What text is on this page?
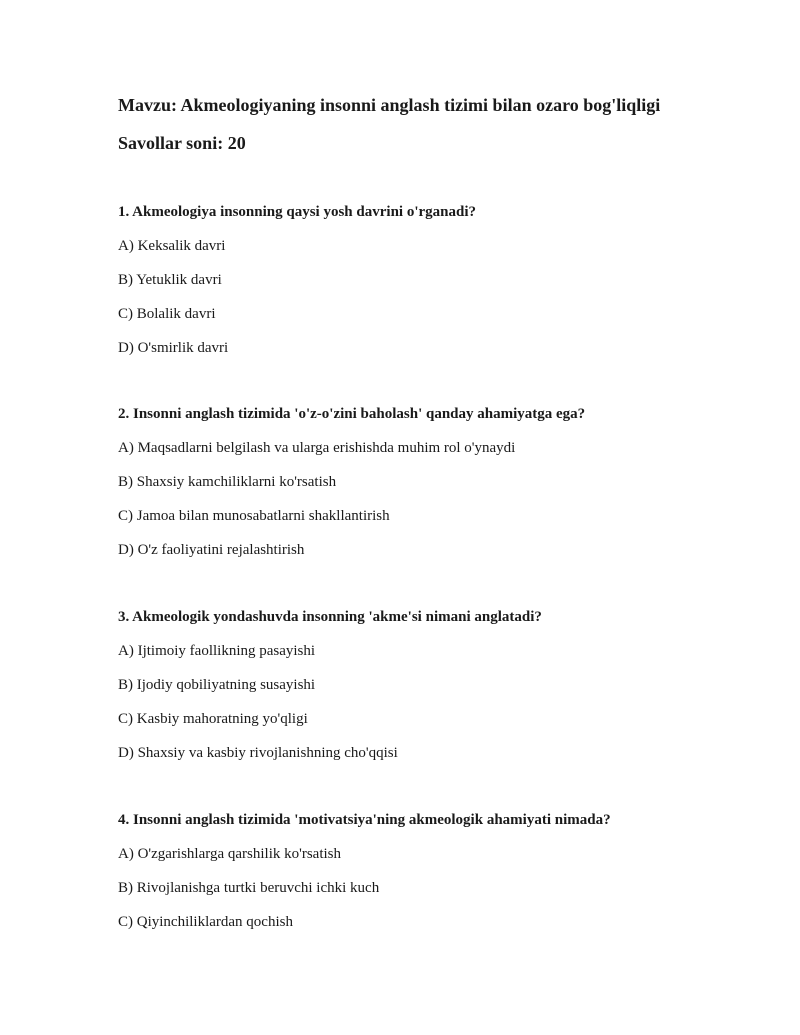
Mavzu: Akmeologiyaning insonni anglash tizimi bilan ozaro bog'liqligi
Savollar soni: 20

1. Akmeologiya insonning qaysi yosh davrini o'rganadi?

A) Keksalik davri

B) Yetuklik davri

C) Bolalik davri

D) O'smirlik davri

2. Insonni anglash tizimida 'o'z-o'zini baholash' qanday ahamiyatga ega?

A) Maqsadlarni belgilash va ularga erishishda muhim rol o'ynaydi

B) Shaxsiy kamchiliklarni ko'rsatish

C) Jamoa bilan munosabatlarni shakllantirish

D) O'z faoliyatini rejalashtirish

3. Akmeologik yondashuvda insonning 'akme'si nimani anglatadi?

A) Ijtimoiy faollikning pasayishi

B) Ijodiy qobiliyatning susayishi

C) Kasbiy mahoratning yo'qligi

D) Shaxsiy va kasbiy rivojlanishning cho'qqisi

4. Insonni anglash tizimida 'motivatsiya'ning akmeologik ahamiyati nimada?

A) O'zgarishlarga qarshilik ko'rsatish

B) Rivojlanishga turtki beruvchi ichki kuch

C) Qiyinchiliklardan qochish
